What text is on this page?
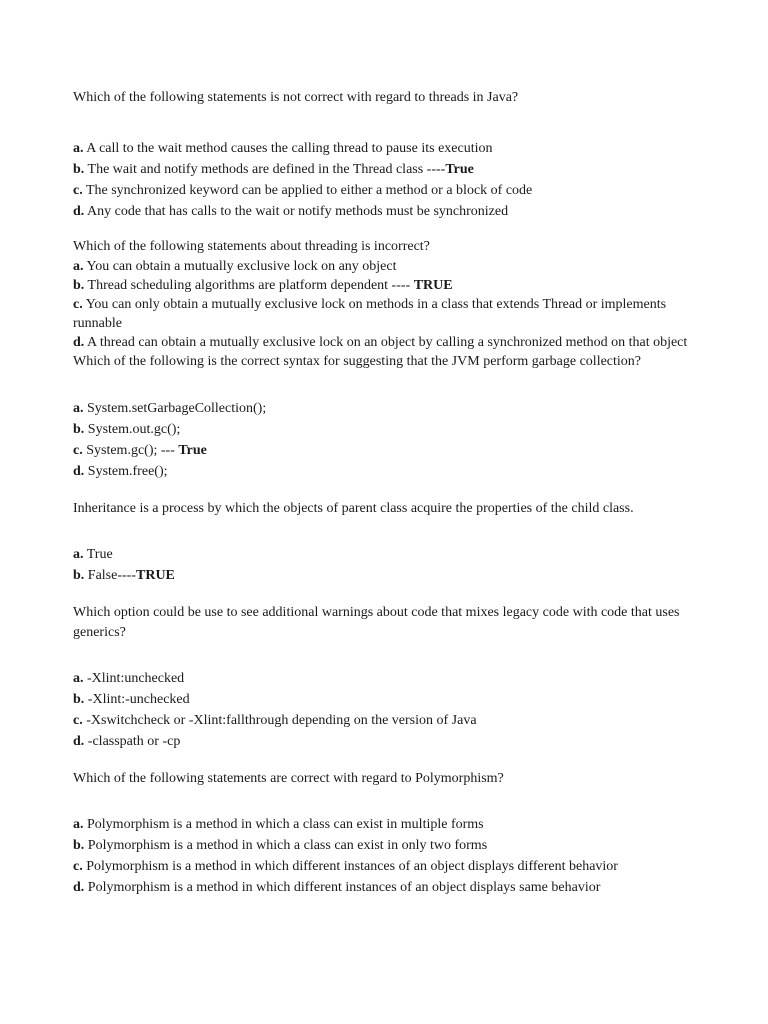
Which of the following statements is not correct with regard to threads in Java?

a. A call to the wait method causes the calling thread to pause its execution

b. The wait and notify methods are defined in the Thread class ----True

c. The synchronized keyword can be applied to either a method or a block of code

d. Any code that has calls to the wait or notify methods must be synchronized

Which of the following statements about threading is incorrect?

a. You can obtain a mutually exclusive lock on any object

b. Thread scheduling algorithms are platform dependent ---- TRUE

c. You can only obtain a mutually exclusive lock on methods in a class that extends Thread or implements runnable

d. A thread can obtain a mutually exclusive lock on an object by calling a synchronized method on that object

Which of the following is the correct syntax for suggesting that the JVM perform garbage collection?

a. System.setGarbageCollection();

b. System.out.gc();

c. System.gc(); --- True

d. System.free();

Inheritance is a process by which the objects of parent class acquire the properties of the child class.

a. True

b. False----TRUE

Which option could be use to see additional warnings about code that mixes legacy code with code that uses generics?

a. -Xlint:unchecked

b. -Xlint:-unchecked

c. -Xswitchcheck or -Xlint:fallthrough depending on the version of Java

d. -classpath or -cp

Which of the following statements are correct with regard to Polymorphism?

a. Polymorphism is a method in which a class can exist in multiple forms

b. Polymorphism is a method in which a class can exist in only two forms

c. Polymorphism is a method in which different instances of an object displays different behavior

d. Polymorphism is a method in which different instances of an object displays same behavior
